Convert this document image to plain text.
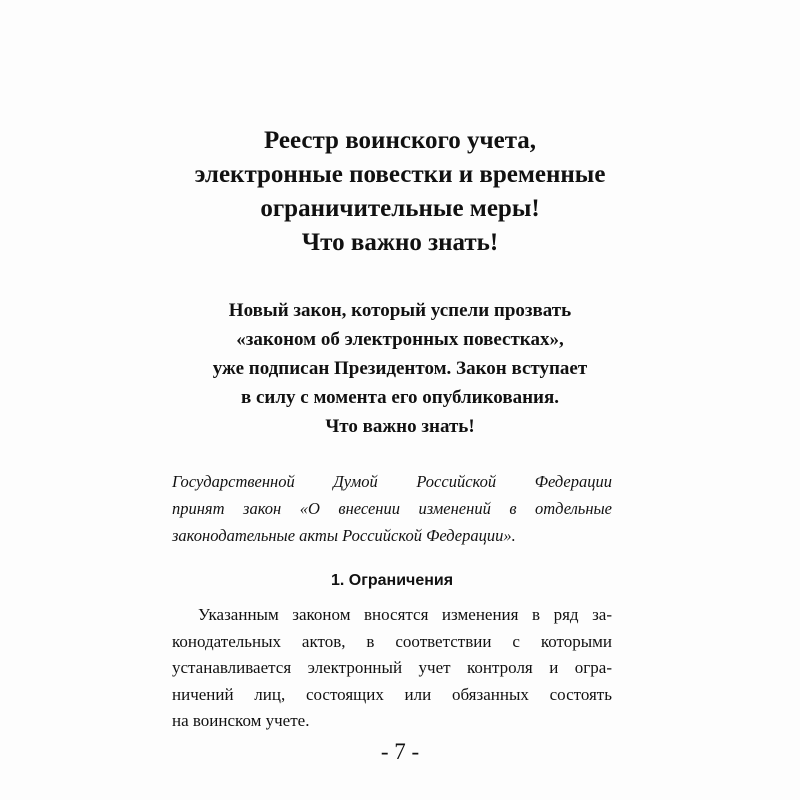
Реестр воинского учета,
электронные повестки и временные
ограничительные меры!
Что важно знать!
Новый закон, который успели прозвать
«законом об электронных повестках»,
уже подписан Президентом. Закон вступает
в силу с момента его опубликования.
Что важно знать!

Государственной Думой Российской Федерации
принят закон «О внесении изменений в отдельные
законодательные акты Российской Федерации».

1. Ограничения

Указанным законом вносятся изменения в ряд за-
конодательных актов, в соответствии с которыми
устанавливается электронный учет контроля и огра-
ничений лиц, состоящих или обязанных состоять
на воинском учете.

- 7 -
